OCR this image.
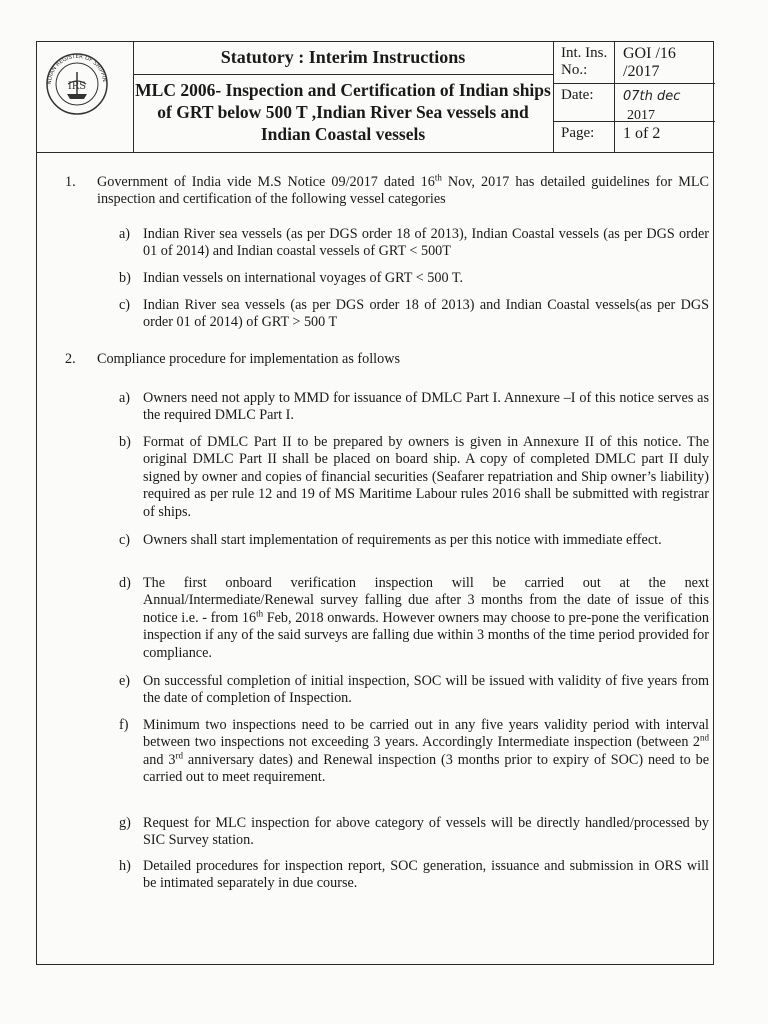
IRS
NDIAN REGISTER OF SHIPPIN
Statutory : Interim Instructions
MLC 2006- Inspection and Certification of Indian ships of GRT below 500 T ,Indian River Sea vessels and Indian Coastal vessels
Int. Ins. No.:
GOI /16 /2017
Date:	07th dec 2017
Page:	1 of 2
1. Government of India vide M.S Notice 09/2017 dated 16th Nov, 2017 has detailed guidelines for MLC inspection and certification of the following vessel categories
a) Indian River sea vessels (as per DGS order 18 of 2013), Indian Coastal vessels (as per DGS order 01 of 2014) and Indian coastal vessels of GRT < 500T
b) Indian vessels on international voyages of GRT < 500 T.
c) Indian River sea vessels (as per DGS order 18 of 2013) and Indian Coastal vessels(as per DGS order 01 of 2014) of GRT > 500 T
2. Compliance procedure for implementation as follows
a) Owners need not apply to MMD for issuance of DMLC Part I. Annexure –I of this notice serves as the required DMLC Part I.
b) Format of DMLC Part II to be prepared by owners is given in Annexure II of this notice. The original DMLC Part II shall be placed on board ship. A copy of completed DMLC part II duly signed by owner and copies of financial securities (Seafarer repatriation and Ship owner’s liability) required as per rule 12 and 19 of MS Maritime Labour rules 2016 shall be submitted with registrar of ships.
c) Owners shall start implementation of requirements as per this notice with immediate effect.
d) The first onboard verification inspection will be carried out at the next Annual/Intermediate/Renewal survey falling due after 3 months from the date of issue of this notice i.e. - from 16th Feb, 2018 onwards. However owners may choose to pre-pone the verification inspection if any of the said surveys are falling due within 3 months of the time period provided for compliance.
e) On successful completion of initial inspection, SOC will be issued with validity of five years from the date of completion of Inspection.
f) Minimum two inspections need to be carried out in any five years validity period with interval between two inspections not exceeding 3 years. Accordingly Intermediate inspection (between 2nd and 3rd anniversary dates) and Renewal inspection (3 months prior to expiry of SOC) need to be carried out to meet requirement.
g) Request for MLC inspection for above category of vessels will be directly handled/processed by SIC Survey station.
h) Detailed procedures for inspection report, SOC generation, issuance and submission in ORS will be intimated separately in due course.
